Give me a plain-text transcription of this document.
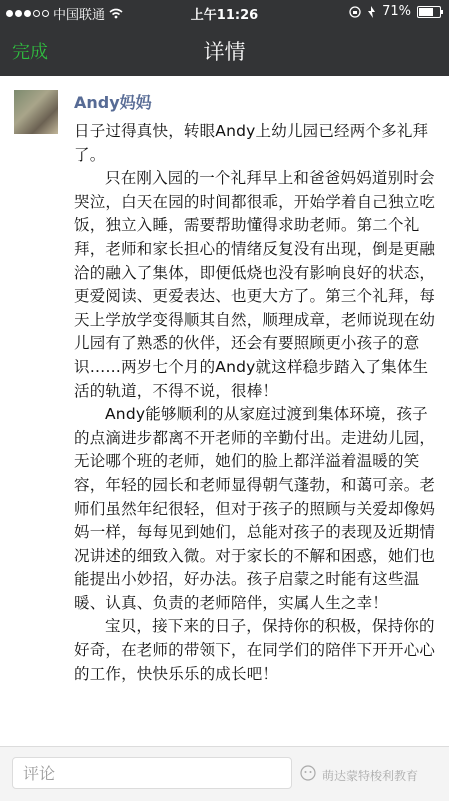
中国联通	上午11:26	71%
完成	详情
Andy妈妈

日子过得真快，转眼Andy上幼儿园已经两个多礼拜了。

只在刚入园的一个礼拜早上和爸爸妈妈道别时会哭泣，白天在园的时间都很乖，开始学着自己独立吃饭，独立入睡，需要帮助懂得求助老师。第二个礼拜，老师和家长担心的情绪反复没有出现，倒是更融洽的融入了集体，即便低烧也没有影响良好的状态，更爱阅读、更爱表达、也更大方了。第三个礼拜，每天上学放学变得顺其自然，顺理成章，老师说现在幼儿园有了熟悉的伙伴，还会有要照顾更小孩子的意识……两岁七个月的Andy就这样稳步踏入了集体生活的轨道，不得不说，很棒！

Andy能够顺利的从家庭过渡到集体环境，孩子的点滴进步都离不开老师的辛勤付出。走进幼儿园，无论哪个班的老师，她们的脸上都洋溢着温暖的笑容，年轻的园长和老师显得朝气蓬勃，和蔼可亲。老师们虽然年纪很轻，但对于孩子的照顾与关爱却像妈妈一样，每每见到她们，总能对孩子的表现及近期情况讲述的细致入微。对于家长的不解和困惑，她们也能提出小妙招，好办法。孩子启蒙之时能有这些温暖、认真、负责的老师陪伴，实属人生之幸！

宝贝，接下来的日子，保持你的积极，保持你的好奇，在老师的带领下，在同学们的陪伴下开开心心的工作，快快乐乐的成长吧！

评论	萌达蒙特梭利教育
